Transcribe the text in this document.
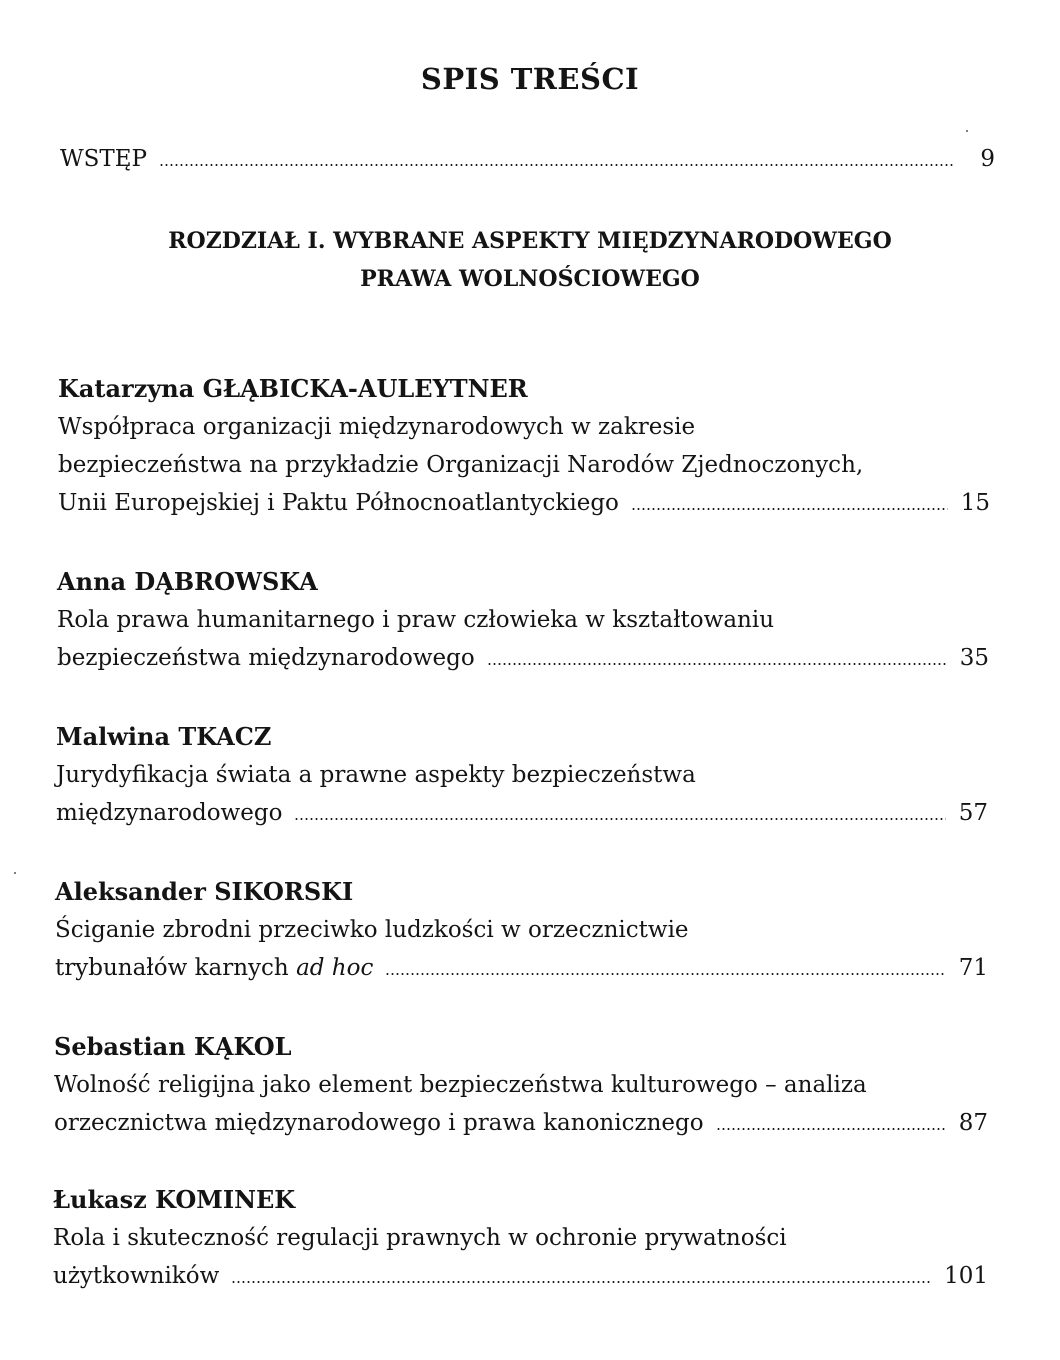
SPIS TREŚCI
WSTĘP	9
ROZDZIAŁ I. WYBRANE ASPEKTY MIĘDZYNARODOWEGO
PRAWA WOLNOŚCIOWEGO
Katarzyna GŁĄBICKA-AULEYTNER
Współpraca organizacji międzynarodowych w zakresie
bezpieczeństwa na przykładzie Organizacji Narodów Zjednoczonych,
Unii Europejskiej i Paktu Północnoatlantyckiego	15
Anna DĄBROWSKA
Rola prawa humanitarnego i praw człowieka w kształtowaniu
bezpieczeństwa międzynarodowego	35
Malwina TKACZ
Jurydyfikacja świata a prawne aspekty bezpieczeństwa
międzynarodowego	57
Aleksander SIKORSKI
Ściganie zbrodni przeciwko ludzkości w orzecznictwie
trybunałów karnych ad hoc	71
Sebastian KĄKOL
Wolność religijna jako element bezpieczeństwa kulturowego – analiza
orzecznictwa międzynarodowego i prawa kanonicznego	87
Łukasz KOMINEK
Rola i skuteczność regulacji prawnych w ochronie prywatności
użytkowników	101
